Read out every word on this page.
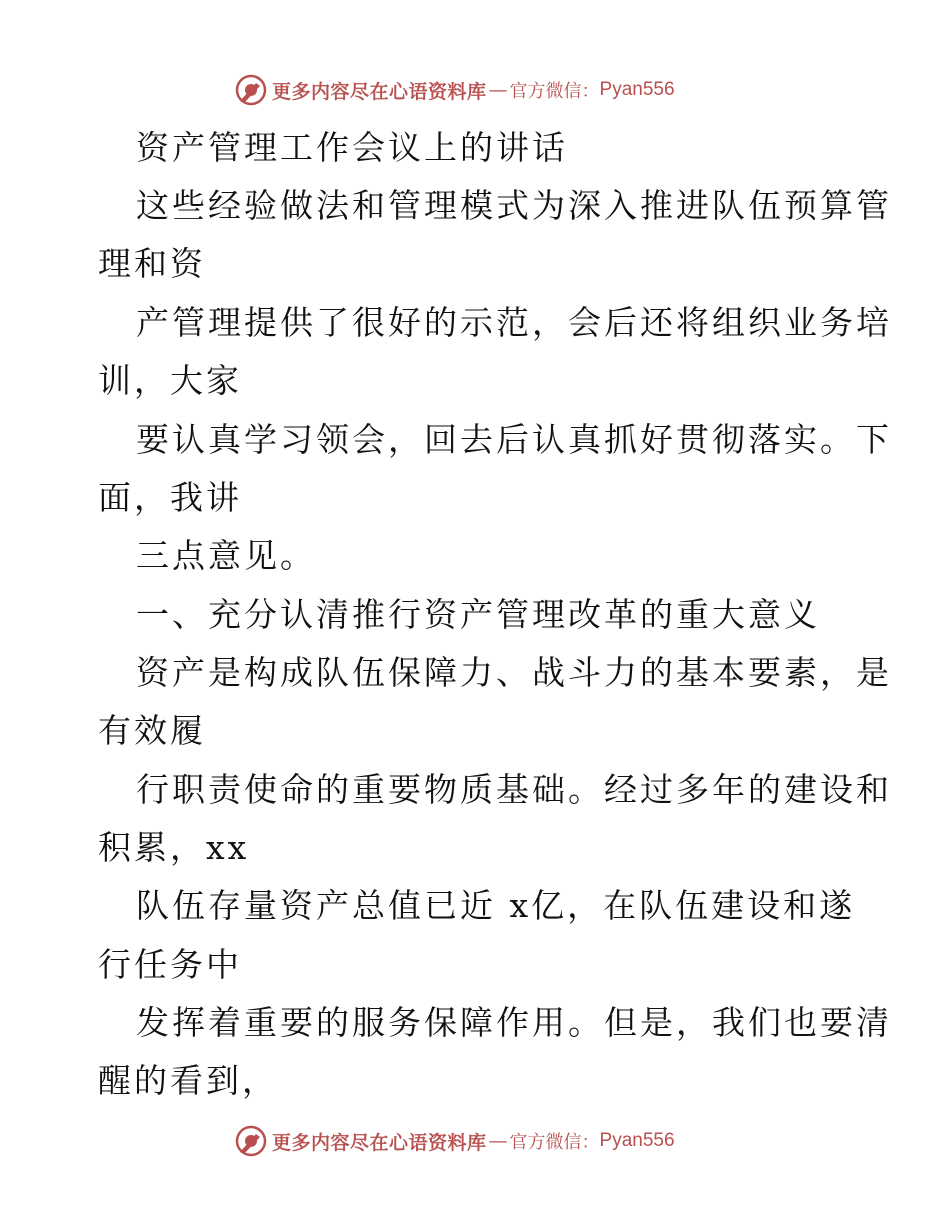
更多内容尽在心语资料库 — 官方微信： Pyan556
资产管理工作会议上的讲话
这些经验做法和管理模式为深入推进队伍预算管
理和资
产管理提供了很好的示范，会后还将组织业务培
训，大家
要认真学习领会，回去后认真抓好贯彻落实。下
面，我讲
三点意见。
一、充分认清推行资产管理改革的重大意义
资产是构成队伍保障力、战斗力的基本要素，是
有效履
行职责使命的重要物质基础。经过多年的建设和
积累，xx
队伍存量资产总值已近 x亿，在队伍建设和遂
行任务中
发挥着重要的服务保障作用。但是，我们也要清
醒的看到，
更多内容尽在心语资料库 — 官方微信： Pyan556
